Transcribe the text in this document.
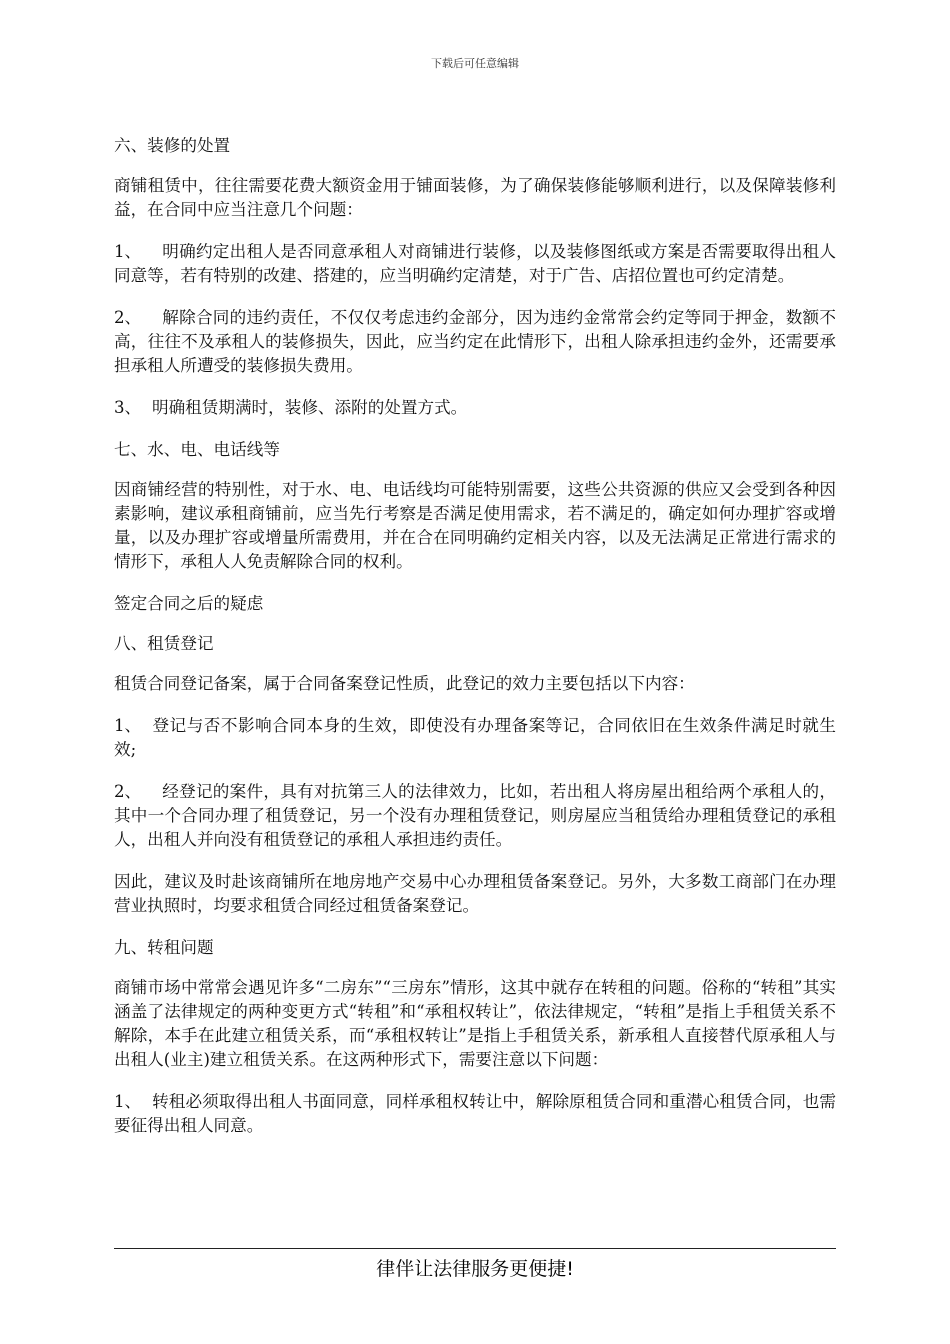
下载后可任意编辑

六、装修的处置

商铺租赁中，往往需要花费大额资金用于铺面装修，为了确保装修能够顺利进行，以及保障装修利益，在合同中应当注意几个问题：

1、 明确约定出租人是否同意承租人对商铺进行装修，以及装修图纸或方案是否需要取得出租人同意等，若有特别的改建、搭建的，应当明确约定清楚，对于广告、店招位置也可约定清楚。

2、 解除合同的违约责任，不仅仅考虑违约金部分，因为违约金常常会约定等同于押金，数额不高，往往不及承租人的装修损失，因此，应当约定在此情形下，出租人除承担违约金外，还需要承担承租人所遭受的装修损失费用。

3、 明确租赁期满时，装修、添附的处置方式。

七、水、电、电话线等

因商铺经营的特别性，对于水、电、电话线均可能特别需要，这些公共资源的供应又会受到各种因素影响，建议承租商铺前，应当先行考察是否满足使用需求，若不满足的，确定如何办理扩容或增量，以及办理扩容或增量所需费用，并在合在同明确约定相关内容，以及无法满足正常进行需求的情形下，承租人人免责解除合同的权利。

签定合同之后的疑虑

八、租赁登记

租赁合同登记备案，属于合同备案登记性质，此登记的效力主要包括以下内容：

1、 登记与否不影响合同本身的生效，即使没有办理备案等记，合同依旧在生效条件满足时就生效;

2、 经登记的案件，具有对抗第三人的法律效力，比如，若出租人将房屋出租给两个承租人的，其中一个合同办理了租赁登记，另一个没有办理租赁登记，则房屋应当租赁给办理租赁登记的承租人，出租人并向没有租赁登记的承租人承担违约责任。

因此，建议及时赴该商铺所在地房地产交易中心办理租赁备案登记。另外，大多数工商部门在办理营业执照时，均要求租赁合同经过租赁备案登记。

九、转租问题

商铺市场中常常会遇见许多“二房东”“三房东”情形，这其中就存在转租的问题。俗称的“转租”其实涵盖了法律规定的两种变更方式“转租”和“承租权转让”，依法律规定，“转租”是指上手租赁关系不解除，本手在此建立租赁关系，而“承租权转让”是指上手租赁关系，新承租人直接替代原承租人与出租人(业主)建立租赁关系。在这两种形式下，需要注意以下问题：

1、 转租必须取得出租人书面同意，同样承租权转让中，解除原租赁合同和重潜心租赁合同，也需要征得出租人同意。

律伴让法律服务更便捷!
